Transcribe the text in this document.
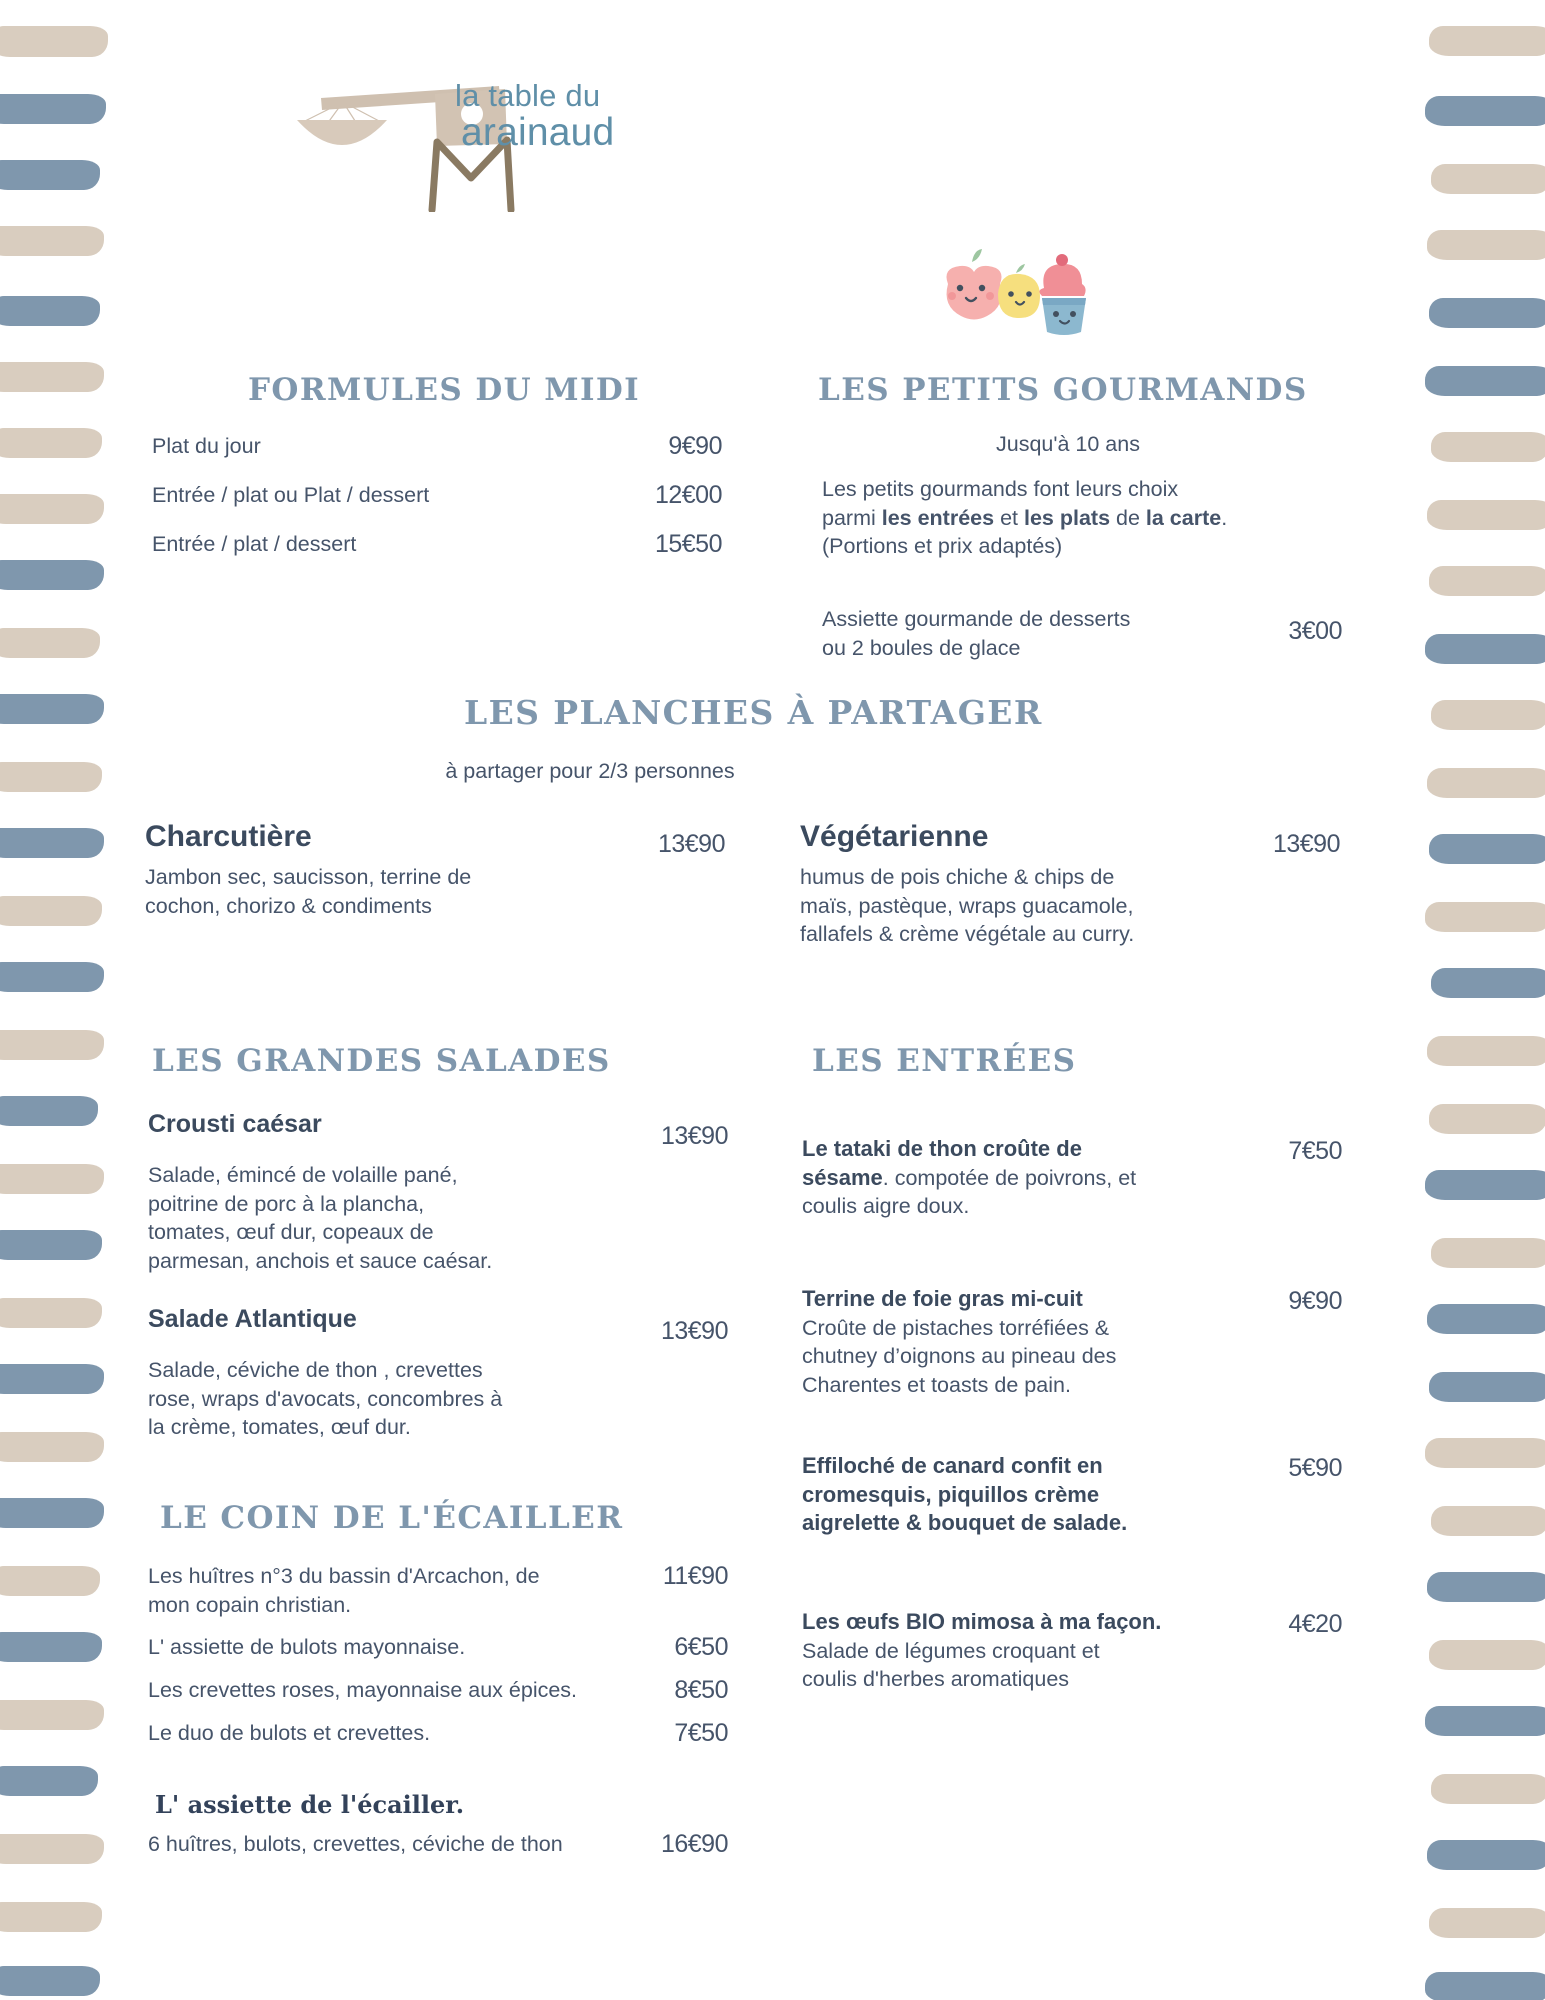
la table du
arainaud
FORMULES DU MIDI
Plat du jour	9€90
Entrée / plat ou Plat / dessert	12€00
Entrée / plat / dessert	15€50
LES PETITS GOURMANDS
Jusqu'à 10 ans
Les petits gourmands font leurs choix
parmi les entrées et les plats de la carte.
(Portions et prix adaptés)
Assiette gourmande de desserts
ou 2 boules de glace
3€00
LES PLANCHES À PARTAGER
à partager pour 2/3 personnes
Charcutière	13€90
Jambon sec, saucisson, terrine de
cochon, chorizo & condiments
Végétarienne	13€90
humus de pois chiche & chips de
maïs, pastèque, wraps guacamole,
fallafels & crème végétale au curry.
LES GRANDES SALADES
Crousti caésar	13€90
Salade, émincé de volaille pané,
poitrine de porc à la plancha,
tomates, œuf dur, copeaux de
parmesan, anchois et sauce caésar.
Salade Atlantique	13€90
Salade, céviche de thon , crevettes
rose, wraps d'avocats, concombres à
la crème, tomates, œuf dur.
LE COIN DE L'ÉCAILLER
Les huîtres n°3 du bassin d'Arcachon, de
mon copain christian.
11€90
L' assiette de bulots mayonnaise.	6€50
Les crevettes roses, mayonnaise aux épices.	8€50
Le duo de bulots et crevettes.	7€50
L' assiette de l'écailler.
6 huîtres, bulots, crevettes, céviche de thon	16€90
LES ENTRÉES
Le tataki de thon croûte de
sésame. compotée de poivrons, et
coulis aigre doux.
7€50
Terrine de foie gras mi-cuit
Croûte de pistaches torréfiées &
chutney d’oignons au pineau des
Charentes et toasts de pain.
9€90
Effiloché de canard confit en
cromesquis, piquillos crème
aigrelette & bouquet de salade.
5€90
Les œufs BIO mimosa à ma façon.
Salade de légumes croquant et
coulis d'herbes aromatiques
4€20
